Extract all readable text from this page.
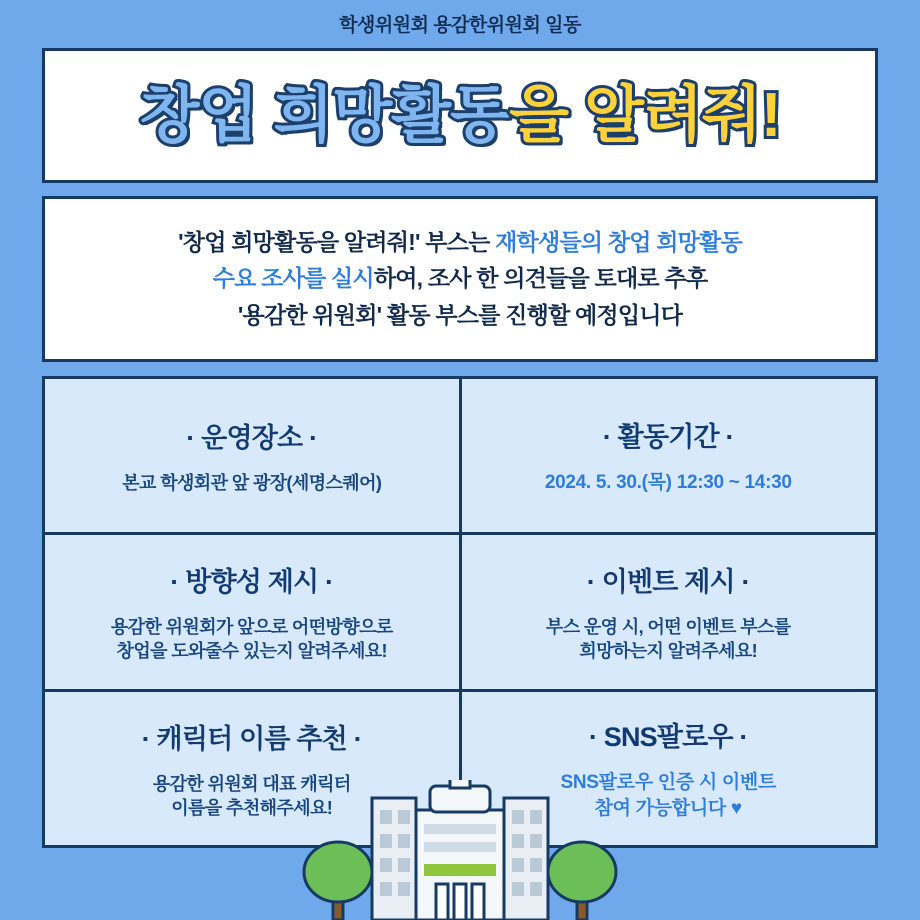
학생위원회 용감한위원회 일동
창업 희망활동을 알려줘!
'창업 희망활동을 알려줘!' 부스는 재학생들의 창업 희망활동
수요 조사를 실시하여, 조사 한 의견들을 토대로 추후
'용감한 위원회' 활동 부스를 진행할 예정입니다
· 운영장소 ·
본교 학생회관 앞 광장(세명스퀘어)
· 활동기간 ·
2024. 5. 30.(목) 12:30 ~ 14:30
· 방향성 제시 ·
용감한 위원회가 앞으로 어떤방향으로
창업을 도와줄수 있는지 알려주세요!
· 이벤트 제시 ·
부스 운영 시, 어떤 이벤트 부스를
희망하는지 알려주세요!
· 캐릭터 이름 추천 ·
용감한 위원회 대표 캐릭터
이름을 추천해주세요!
· SNS팔로우 ·
SNS팔로우 인증 시 이벤트
참여 가능합니다 ♥
